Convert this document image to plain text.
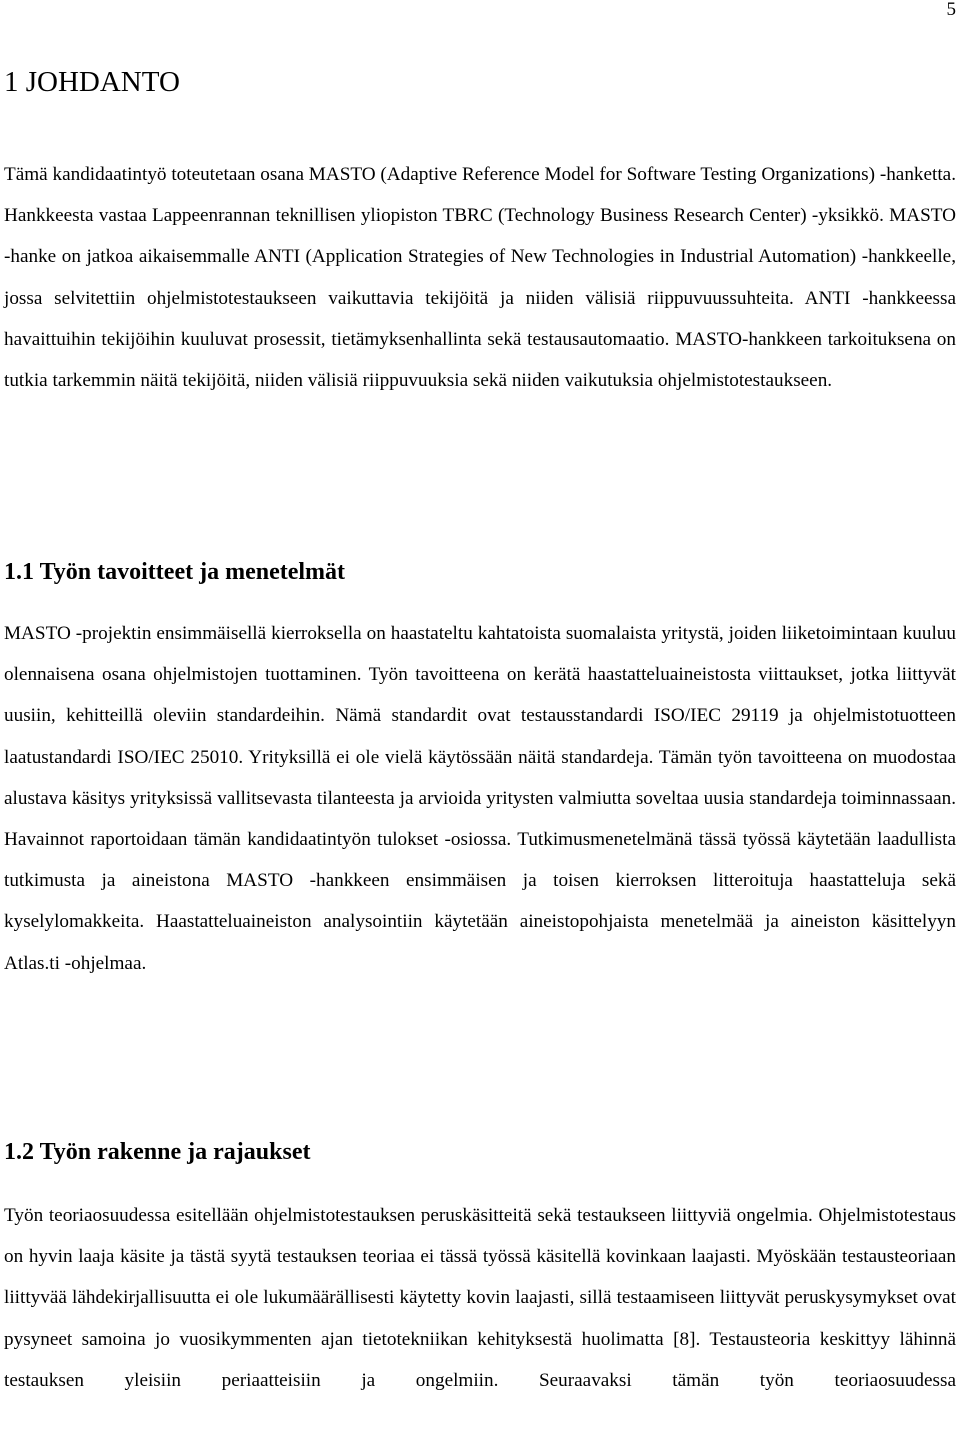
5
1 JOHDANTO

Tämä kandidaatintyö toteutetaan osana MASTO (Adaptive Reference Model for Software Testing Organizations) -hanketta. Hankkeesta vastaa Lappeenrannan teknillisen yliopiston TBRC (Technology Business Research Center) -yksikkö. MASTO -hanke on jatkoa aikaisemmalle ANTI (Application Strategies of New Technologies in Industrial Automation) -hankkeelle, jossa selvitettiin ohjelmistotestaukseen vaikuttavia tekijöitä ja niiden välisiä riippuvuussuhteita. ANTI -hankkeessa havaittuihin tekijöihin kuuluvat prosessit, tietämyksenhallinta sekä testausautomaatio. MASTO-hankkeen tarkoituksena on tutkia tarkemmin näitä tekijöitä, niiden välisiä riippuvuuksia sekä niiden vaikutuksia ohjelmistotestaukseen.

1.1 Työn tavoitteet ja menetelmät

MASTO -projektin ensimmäisellä kierroksella on haastateltu kahtatoista suomalaista yritystä, joiden liiketoimintaan kuuluu olennaisena osana ohjelmistojen tuottaminen. Työn tavoitteena on kerätä haastatteluaineistosta viittaukset, jotka liittyvät uusiin, kehitteillä oleviin standardeihin. Nämä standardit ovat testausstandardi ISO/IEC 29119 ja ohjelmistotuotteen laatustandardi ISO/IEC 25010. Yrityksillä ei ole vielä käytössään näitä standardeja. Tämän työn tavoitteena on muodostaa alustava käsitys yrityksissä vallitsevasta tilanteesta ja arvioida yritysten valmiutta soveltaa uusia standardeja toiminnassaan. Havainnot raportoidaan tämän kandidaatintyön tulokset -osiossa. Tutkimusmenetelmänä tässä työssä käytetään laadullista tutkimusta ja aineistona MASTO -hankkeen ensimmäisen ja toisen kierroksen litteroituja haastatteluja sekä kyselylomakkeita. Haastatteluaineiston analysointiin käytetään aineistopohjaista menetelmää ja aineiston käsittelyyn Atlas.ti -ohjelmaa.

1.2 Työn rakenne ja rajaukset

Työn teoriaosuudessa esitellään ohjelmistotestauksen peruskäsitteitä sekä testaukseen liittyviä ongelmia. Ohjelmistotestaus on hyvin laaja käsite ja tästä syytä testauksen teoriaa ei tässä työssä käsitellä kovinkaan laajasti. Myöskään testausteoriaan liittyvää lähdekirjallisuutta ei ole lukumäärällisesti käytetty kovin laajasti, sillä testaamiseen liittyvät peruskysymykset ovat pysyneet samoina jo vuosikymmenten ajan tietotekniikan kehityksestä huolimatta [8]. Testausteoria keskittyy lähinnä testauksen yleisiin periaatteisiin ja ongelmiin. Seuraavaksi tämän työn teoriaosuudessa
